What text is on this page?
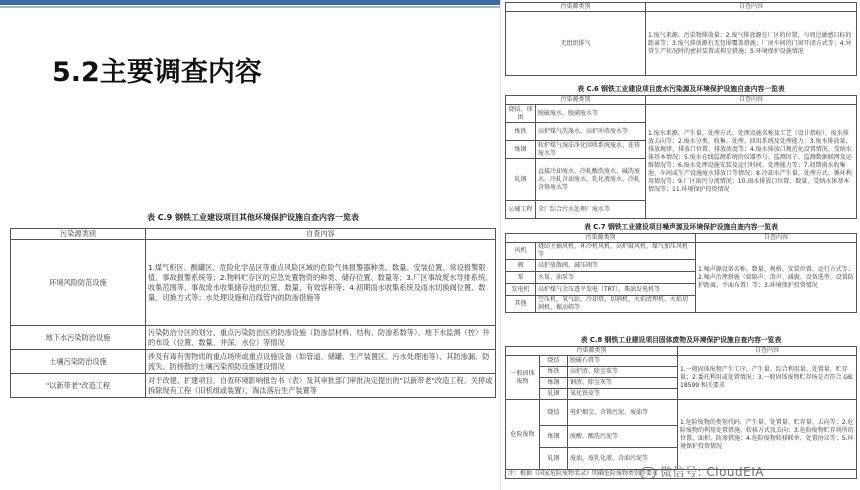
5.2主要调查内容
表 C.9 钢铁工业建设项目其他环境保护设施自查内容一览表
污染源类别	自查内容
环境风险防范设施	1.煤气柜区、酸罐区、危险化学品区等重点风险区域的危险气体报警器种类、数量、安装位置、常设报警限值、事故报警系统等；2.物料贮存区的应急处置物资的种类、储存位置、数量等；3.厂区事故废水导排系统、收集范围等、事故废水收集储存池的位置、数量、有效容积等；4.初期雨水收集系统及雨水切换阀位置、数量、切换方式等；水处理设施和沿线管内的防渗措施等
地下水污染防治设施	污染防治分区的划分、重点污染防治区的防渗设施（防渗层材料、结构、防渗系数等）、地下水监测（控）井的布设（位置、数量、井深、水位）等情况
土壤污染防治设施	涉及有毒有害物质的重点场所或重点设施设备（如管道、储罐、生产装置区、污水处理池等）、其防渗漏、防流失、防扬散的土壤污染预防设施建设情况
"以新带老"改造工程	对于改建、扩建项目，自查环境影响报告书（表）及其审批部门审批决定提出的"以新带老"改造工程、关停或拆除现有工程（旧机组或装置），淘汰落后生产装置等
污染源类别	自查内容
无组织排气	1.废气来源、污染物排放量；2.废气排放源在厂区的位置，与周边敏感目标的距离等；3.废气排放源有无包围覆盖措施；厂房车间的门窗开闭方式等；4.异常生产状况时的密封装置或抑尘措施；5.环境保护设施情况
表 C.6 钢铁工业建设项目废水污染源及环境保护设施自查内容一览表
污染源类别		自查内容
烧结、球团	脱硫废水、脱硝废水等	1.废水来源、产生量、处理方式、处理设施名称及工艺（设计指标）、废水排放去向等；2.废水分类、收集、处理、回用系统及处理能力；3.废水排放量、排放规律、排放口位置、排放浓度等；4.废水排放口规范化设置情况、受纳水体基本情况；5.废水在线监测系统的仪器型号、监测因子、监测数据联网及运维情况等；6.废水处理设施安装及运行时间、处理能力等；7.初期雨水收集池、车间或生产设施废水排放口等情况；8.冷却水产生量、处理方式、循环利用情况等；9.厂区雨污分流情况；10.雨水排放口位置、数量、受纳水体基本情况等；11.环境保护投资情况
炼铁	高炉煤气洗涤水、高炉冲渣废水等	
炼钢	转炉煤气湿法净化回收系统废水、连铸废水等	
轧钢	直接冷却废水、冷轧酸洗废水、碱洗废水、冷轧含油废水、乳化液废水、冷轧含铬废水等	
公辅工程	全厂综合污水处理厂废水等	
表 C.7 钢铁工业建设项目噪声源及环境保护设施自查内容一览表
污染源类别		自查内容
风机	烧结主抽风机、环冷机风机、高炉鼓风机、煤气加压风机等	1.噪声源设备名称、数量、规格、安装位置、运行方式等；2.噪声治理措施（如隔声、消声、减振、设备选型、设置防护距离、平面布置）等；3.环境保护投资情况
阀	高炉放散阀、减压阀等	
泵	水泵、油泵等	
发电机	高炉煤气余压透平发电（TRT）、柴油发电机等	
其他	空压机、氧气站、冷却塔、切割机、火焰清理机、火焰切割机、振动筛等	
表 C.8 钢铁工业建设项目固体废物及环境保护设施自查内容一览表
污染源类别			自查内容
一般固体废物	烧结	脱硫石膏等	1.一般固体废物产生工序、产生量、综合利用量、处置量、贮存量；2.委托利用或处置情况；3.一般固体废物贮存场是否符合 GB 18599 相关要求
	炼铁	高炉渣、除尘灰等	
	炼钢	钢渣、除尘灰等	
	轧钢	氧化铁皮等	
危险废物	烧结	电炉烟尘、含铬污泥、废油等	1.危险废物的类别代码、产生量、处置量、贮存量、去向等；2.危险废物的利用处置措施、转移方式及去向；3.危险废物贮存场所的位置、面积、防渗措施；4.危险废物转移联单、处置协议等；5.环境保护投资情况
	炼钢	废酸、酸洗污泥等	
	轧钢	废油、废乳化液、含油污泥等	
注：根据《国家危险废物名录》明确危险废物类别等要求			微信号: CloudEIA
